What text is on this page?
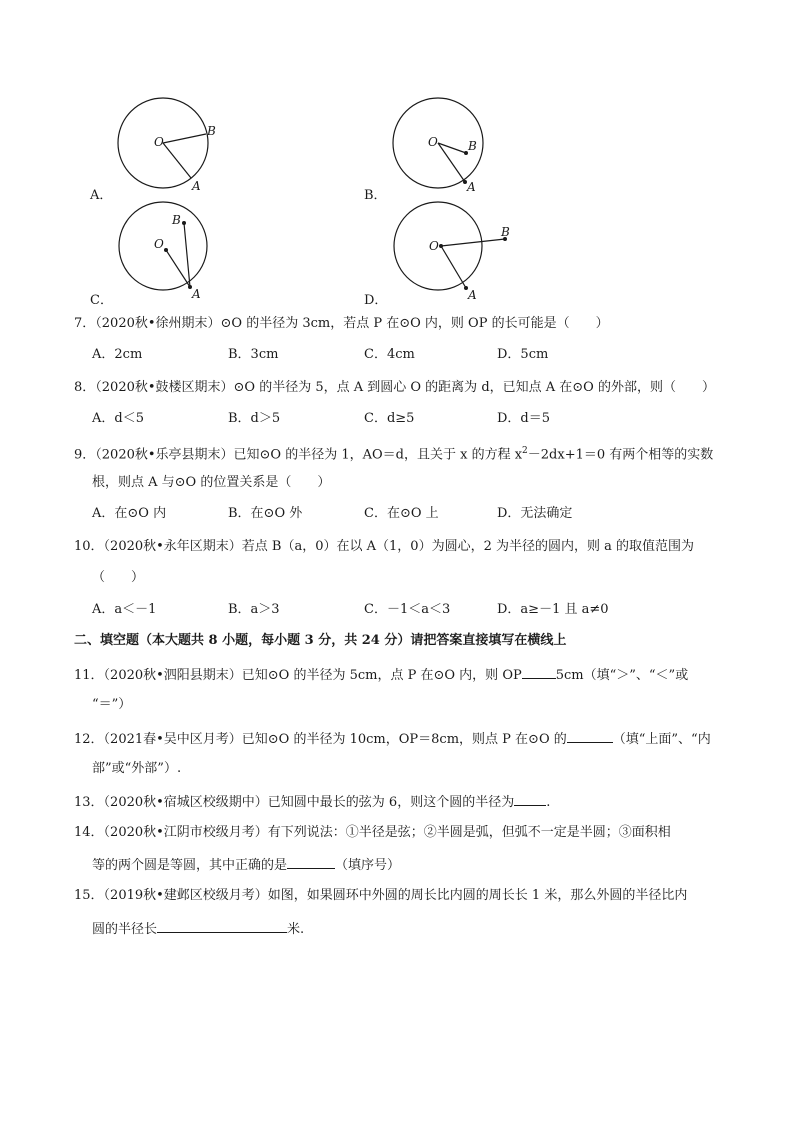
A．
O
B
A
B．
O	B
A
C．
O
B
A	D．
O
B
A
7．（2020秋•徐州期末）⊙O 的半径为 3cm，若点 P 在⊙O 内，则 OP 的长可能是（　　）
A．2cm	B．3cm	C．4cm	D．5cm
8．（2020秋•鼓楼区期末）⊙O 的半径为 5，点 A 到圆心 O 的距离为 d，已知点 A 在⊙O 的外部，则（　　）
A．d＜5	B．d＞5	C．d≥5	D．d＝5
9．（2020秋•乐亭县期末）已知⊙O 的半径为 1，AO＝d，且关于 x 的方程 $x^2-2dx+1=0$ 有两个相等的实数
根，则点 A 与⊙O 的位置关系是（　　）
A．在⊙O 内	B．在⊙O 外	C．在⊙O 上	D．无法确定
10．（2020秋•永年区期末）若点 B（a，0）在以 A（1，0）为圆心，2 为半径的圆内，则 a 的取值范围为
（　　）
A．a＜－1	B．a＞3	C．－1＜a＜3	D．a≥－1 且 a≠0
二、填空题（本大题共 8 小题，每小题 3 分，共 24 分）请把答案直接填写在横线上
11．（2020秋•泗阳县期末）已知⊙O 的半径为 5cm，点 P 在⊙O 内，则 OP	5cm（填“＞”、“＜”或
“＝”）
12．（2021春•吴中区月考）已知⊙O 的半径为 10cm，OP＝8cm，则点 P 在⊙O 的	（填“上面”、“内
部”或“外部”）.
13．（2020秋•宿城区校级期中）已知圆中最长的弦为 6，则这个圆的半径为 .
14．（2020秋•江阴市校级月考）有下列说法：①半径是弦；②半圆是弧，但弧不一定是半圆；③面积相
等的两个圆是等圆，其中正确的是	（填序号）
15．（2019秋•建邺区校级月考）如图，如果圆环中外圆的周长比内圆的周长长 1 米，那么外圆的半径比内
圆的半径长	米.
